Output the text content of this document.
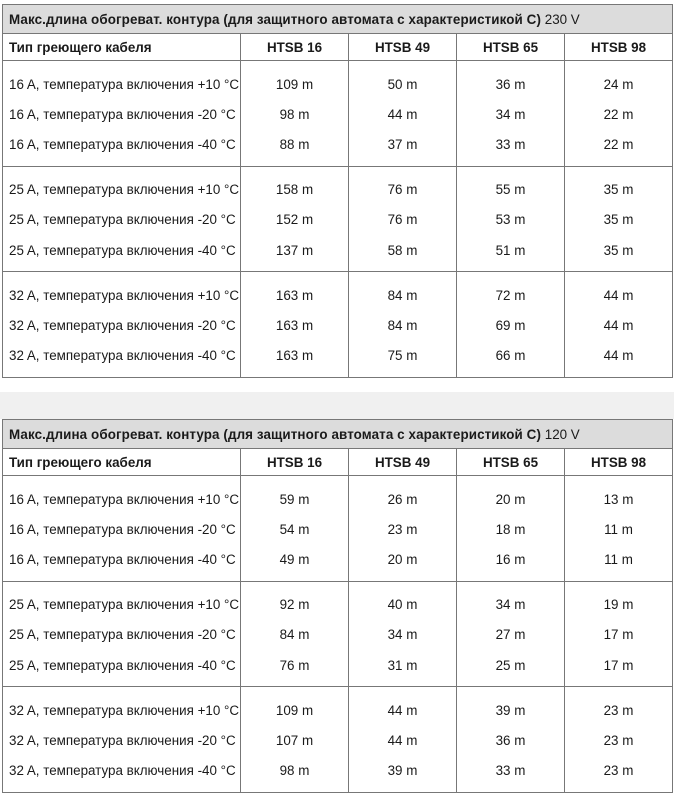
Макс.длина обогреват. контура (для защитного автомата с характеристикой C) 230 V				
Тип греющего кабеля	HTSB 16	HTSB 49	HTSB 65	HTSB 98
16 A, температура включения +10 °C	109 m	50 m	36 m	24 m
16 A, температура включения -20 °C	98 m	44 m	34 m	22 m
16 A, температура включения -40 °C	88 m	37 m	33 m	22 m
25 A, температура включения +10 °C	158 m	76 m	55 m	35 m
25 A, температура включения -20 °C	152 m	76 m	53 m	35 m
25 A, температура включения -40 °C	137 m	58 m	51 m	35 m
32 A, температура включения +10 °C	163 m	84 m	72 m	44 m
32 A, температура включения -20 °C	163 m	84 m	69 m	44 m
32 A, температура включения -40 °C	163 m	75 m	66 m	44 m
Макс.длина обогреват. контура (для защитного автомата с характеристикой C) 120 V				
Тип греющего кабеля	HTSB 16	HTSB 49	HTSB 65	HTSB 98
16 A, температура включения +10 °C	59 m	26 m	20 m	13 m
16 A, температура включения -20 °C	54 m	23 m	18 m	11 m
16 A, температура включения -40 °C	49 m	20 m	16 m	11 m
25 A, температура включения +10 °C	92 m	40 m	34 m	19 m
25 A, температура включения -20 °C	84 m	34 m	27 m	17 m
25 A, температура включения -40 °C	76 m	31 m	25 m	17 m
32 A, температура включения +10 °C	109 m	44 m	39 m	23 m
32 A, температура включения -20 °C	107 m	44 m	36 m	23 m
32 A, температура включения -40 °C	98 m	39 m	33 m	23 m
